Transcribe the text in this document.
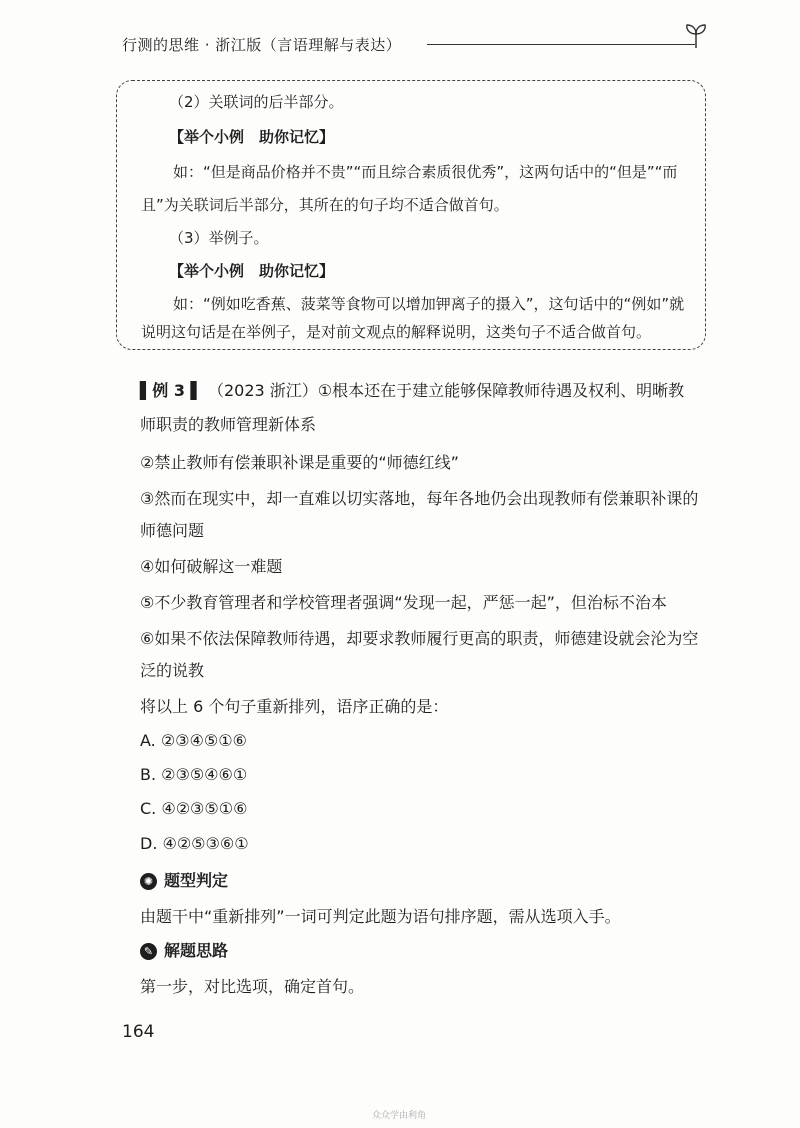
行测的思维 · 浙江版（言语理解与表达）
（2）关联词的后半部分。
【举个小例　助你记忆】
如：“但是商品价格并不贵”“而且综合素质很优秀”，这两句话中的“但是”“而
且”为关联词后半部分，其所在的句子均不适合做首句。
（3）举例子。
【举个小例　助你记忆】
如：“例如吃香蕉、菠菜等食物可以增加钾离子的摄入”，这句话中的“例如”就
说明这句话是在举例子，是对前文观点的解释说明，这类句子不适合做首句。
▌例 3 ▌ （2023 浙江）①根本还在于建立能够保障教师待遇及权利、明晰教
师职责的教师管理新体系
②禁止教师有偿兼职补课是重要的“师德红线”
③然而在现实中，却一直难以切实落地，每年各地仍会出现教师有偿兼职补课的
师德问题
④如何破解这一难题
⑤不少教育管理者和学校管理者强调“发现一起，严惩一起”，但治标不治本
⑥如果不依法保障教师待遇，却要求教师履行更高的职责，师德建设就会沦为空
泛的说教
将以上 6 个句子重新排列，语序正确的是：
A. ②③④⑤①⑥
B. ②③⑤④⑥①
C. ④②③⑤①⑥
D. ④②⑤③⑥①
✺ 题型判定
由题干中“重新排列”一词可判定此题为语句排序题，需从选项入手。
✎ 解题思路
第一步，对比选项，确定首句。
164
众众学由利角
